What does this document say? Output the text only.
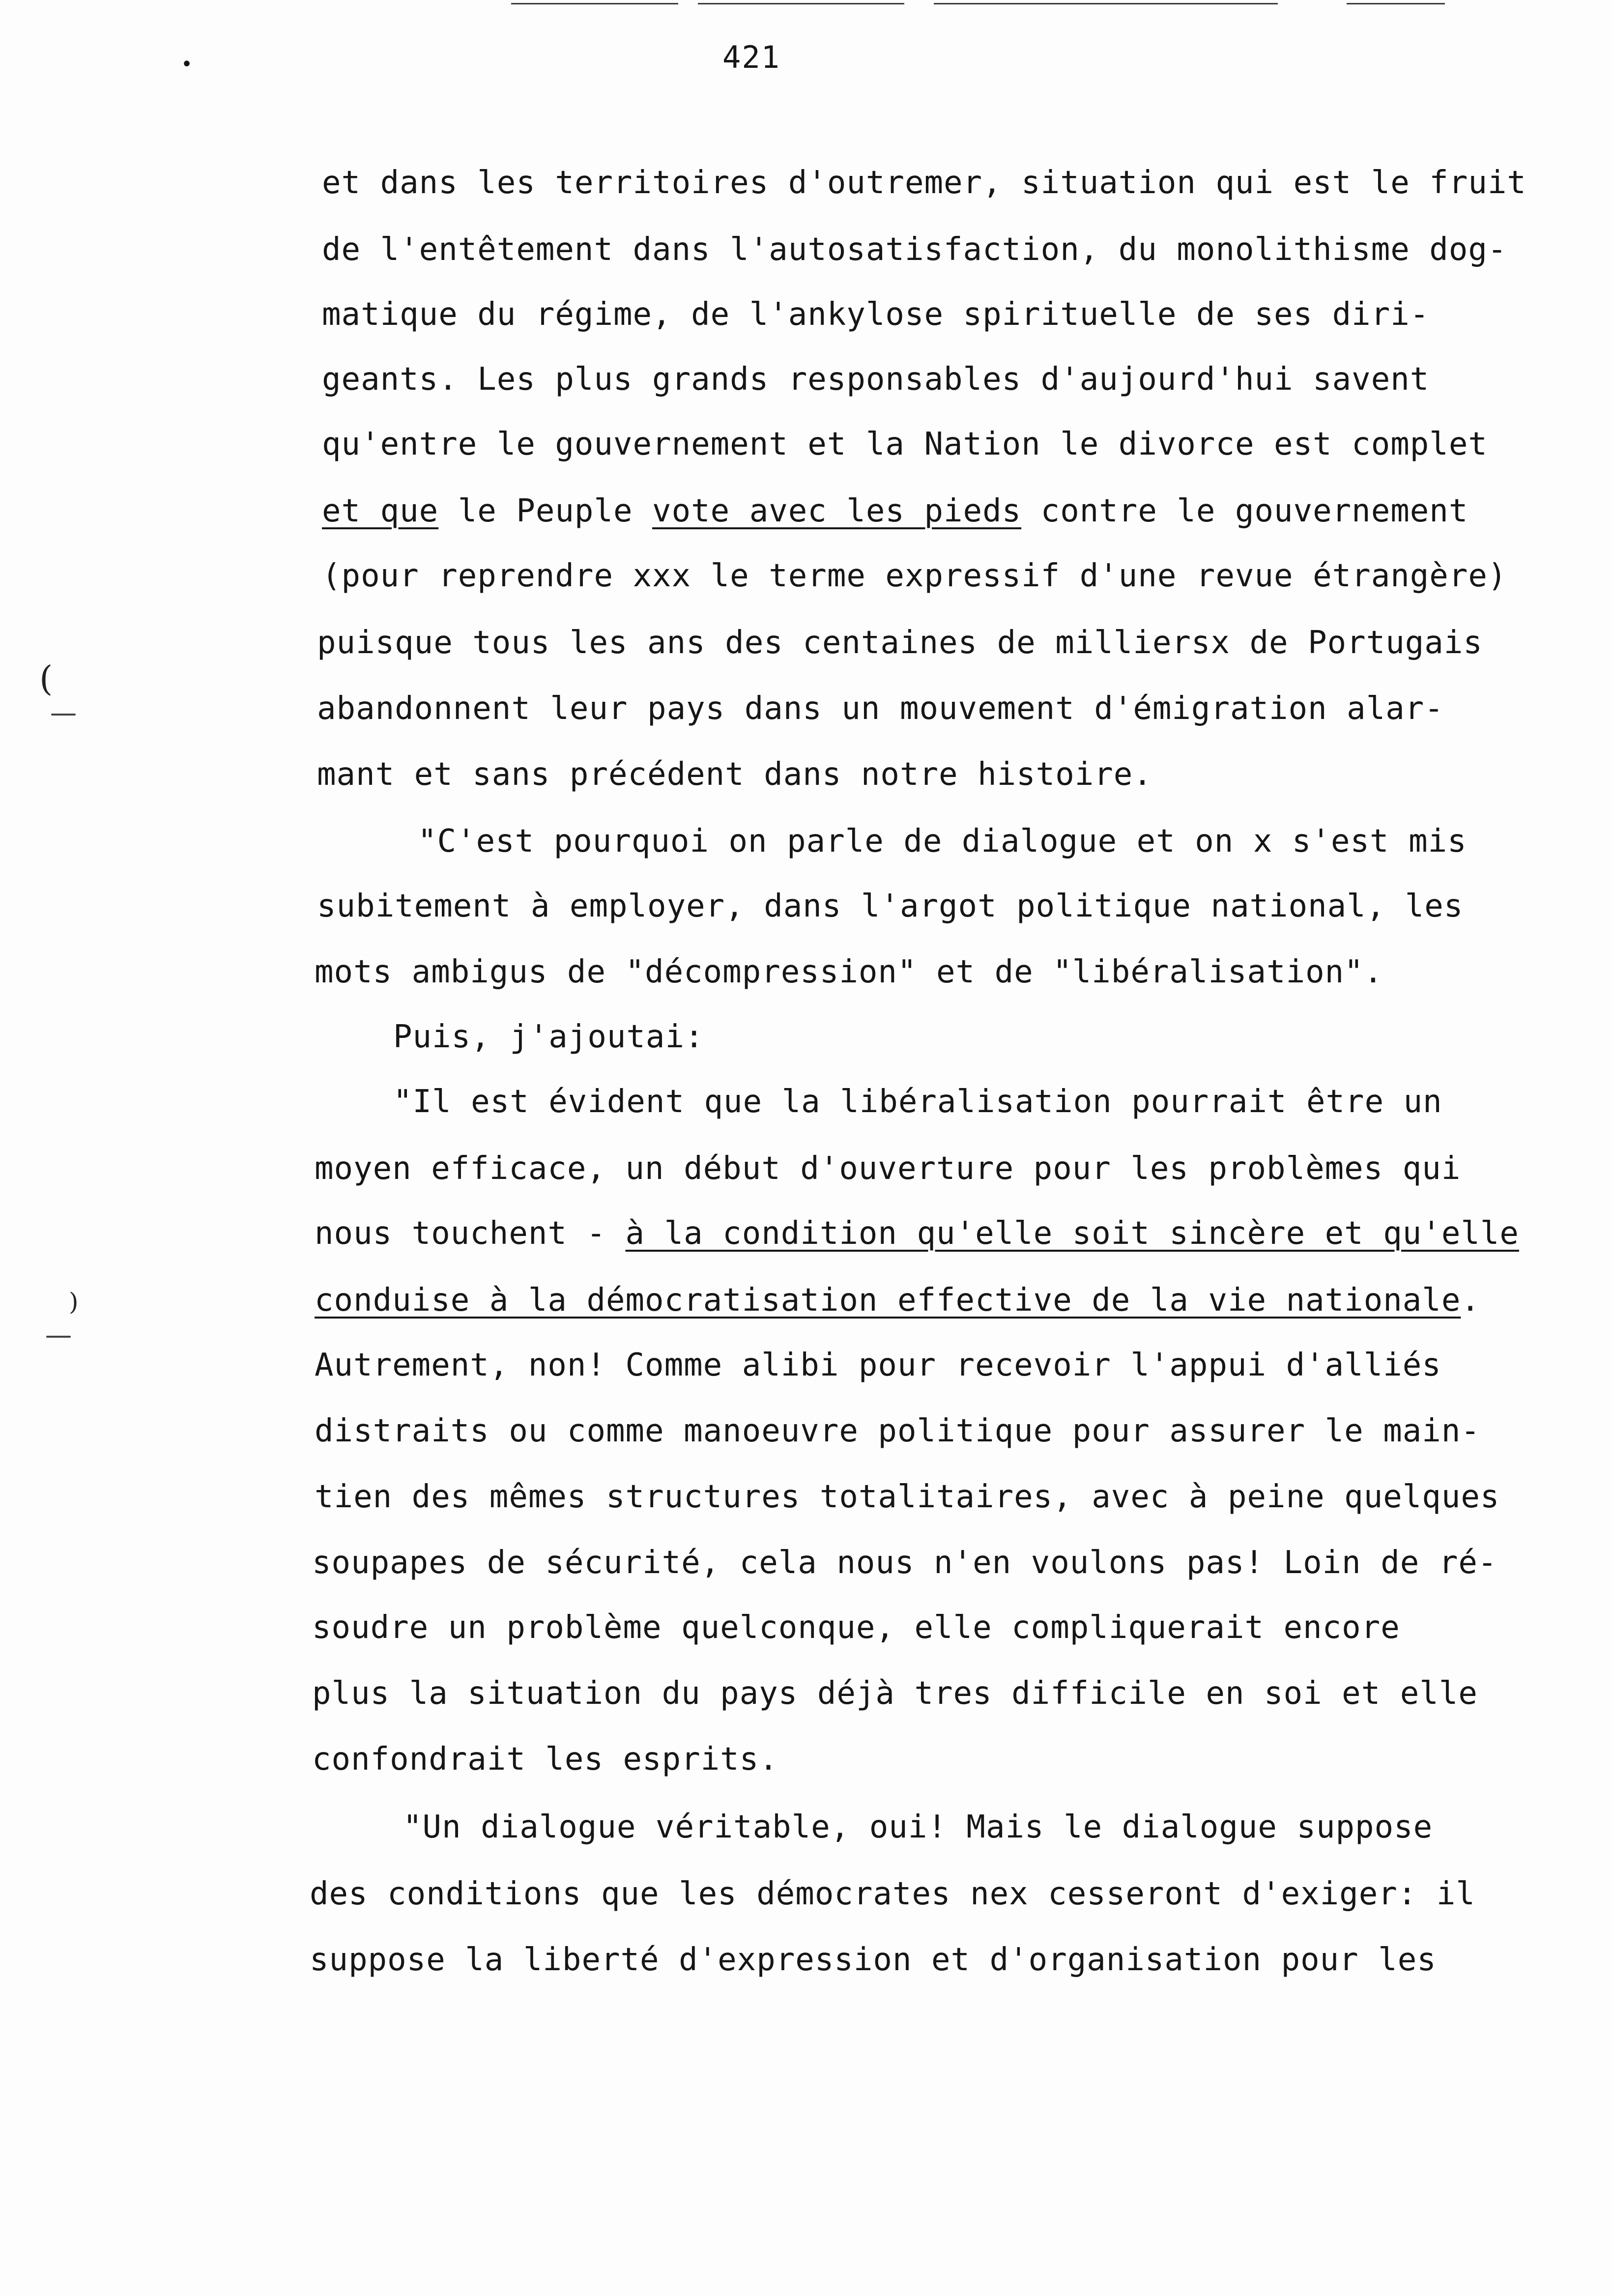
•	421
(
)
et dans les territoires d'outremer, situation qui est le fruit
de l'entêtement dans l'autosatisfaction, du monolithisme dog-
matique du régime, de l'ankylose spirituelle de ses diri-
geants. Les plus grands responsables d'aujourd'hui savent
qu'entre le gouvernement et la Nation le divorce est complet
et que le Peuple vote avec les pieds contre le gouvernement
(pour reprendre xxx le terme expressif d'une revue étrangère)
puisque tous les ans des centaines de milliersx de Portugais
abandonnent leur pays dans un mouvement d'émigration alar-
mant et sans précédent dans notre histoire.
"C'est pourquoi on parle de dialogue et on x s'est mis
subitement à employer, dans l'argot politique national, les
mots ambigus de "décompression" et de "libéralisation".
Puis, j'ajoutai:
"Il est évident que la libéralisation pourrait être un
moyen efficace, un début d'ouverture pour les problèmes qui
nous touchent - à la condition qu'elle soit sincère et qu'elle
conduise à la démocratisation effective de la vie nationale.
Autrement, non! Comme alibi pour recevoir l'appui d'alliés
distraits ou comme manoeuvre politique pour assurer le main-
tien des mêmes structures totalitaires, avec à peine quelques
soupapes de sécurité, cela nous n'en voulons pas! Loin de ré-
soudre un problème quelconque, elle compliquerait encore
plus la situation du pays déjà tres difficile en soi et elle
confondrait les esprits.
"Un dialogue véritable, oui! Mais le dialogue suppose
des conditions que les démocrates nex cesseront d'exiger: il
suppose la liberté d'expression et d'organisation pour les
